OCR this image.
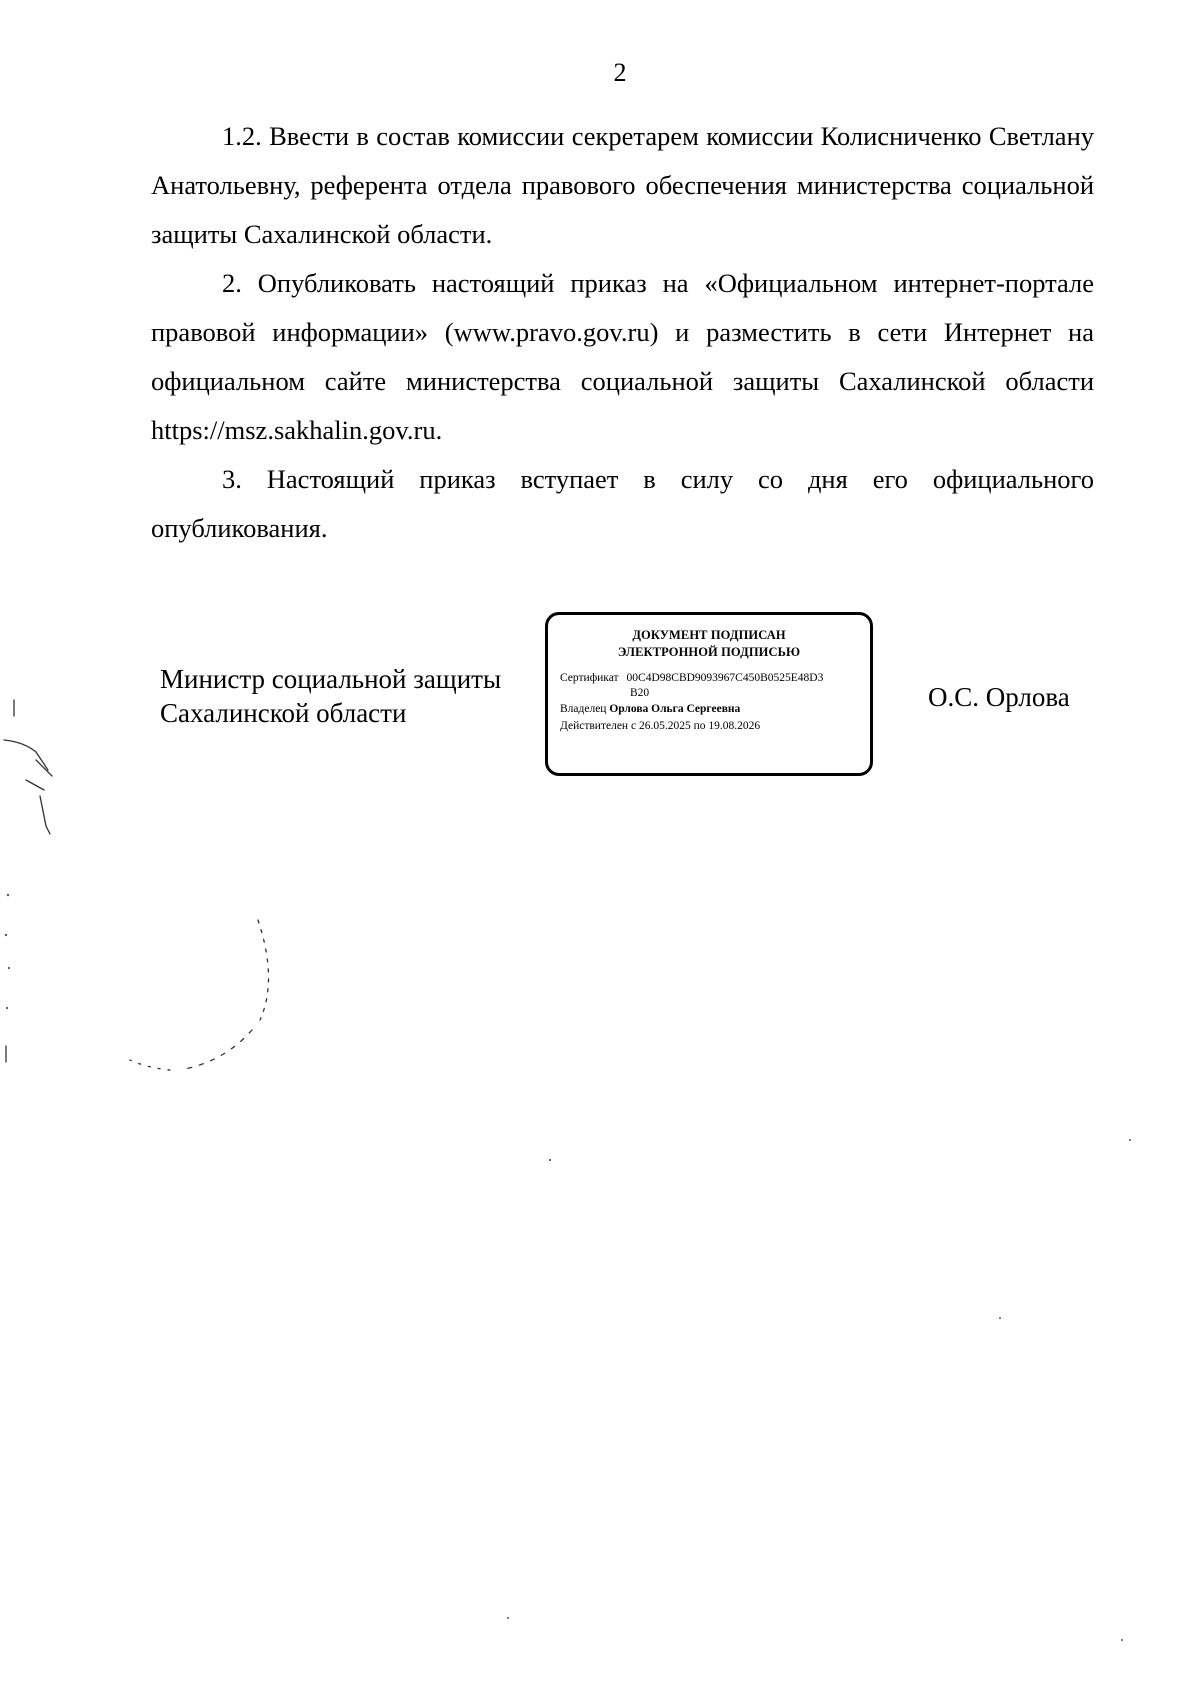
2

1.2. Ввести в состав комиссии секретарем комиссии Колисниченко Светлану Анатольевну, референта отдела правового обеспечения министерства социальной защиты Сахалинской области.

2. Опубликовать настоящий приказ на «Официальном интернет-портале правовой информации» (www.pravo.gov.ru) и разместить в сети Интернет на официальном сайте министерства социальной защиты Сахалинской области https://msz.sakhalin.gov.ru.

3. Настоящий приказ вступает в силу со дня его официального опубликования.

Министр социальной защиты
Сахалинской области
ДОКУМЕНТ ПОДПИСАН
ЭЛЕКТРОННОЙ ПОДПИСЬЮ
Сертификат 00C4D98CBD9093967C450B0525E48D3
B20
Владелец Орлова Ольга Сергеевна
Действителен с 26.05.2025 по 19.08.2026
О.С. Орлова
